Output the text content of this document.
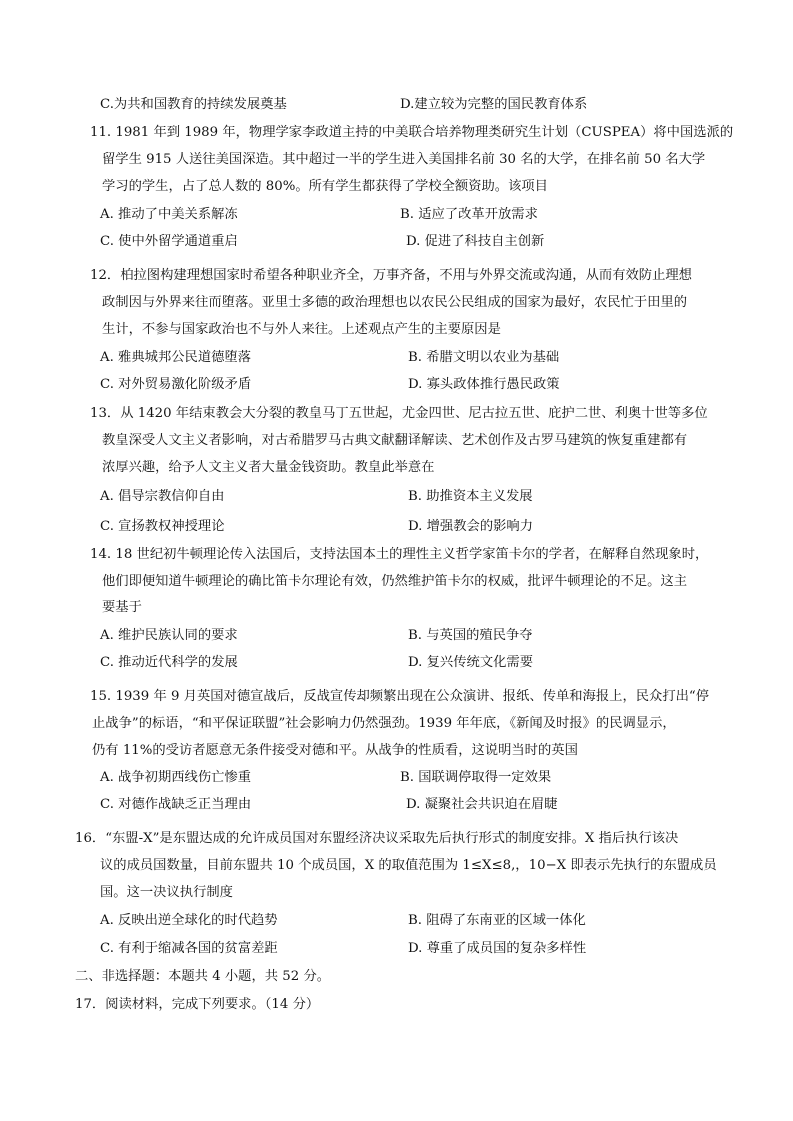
C.为共和国教育的持续发展奠基	D.建立较为完整的国民教育体系
11. 1981 年到 1989 年，物理学家李政道主持的中美联合培养物理类研究生计划（CUSPEA）将中国选派的
留学生 915 人送往美国深造。其中超过一半的学生进入美国排名前 30 名的大学，在排名前 50 名大学
学习的学生，占了总人数的 80%。所有学生都获得了学校全额资助。该项目
A. 推动了中美关系解冻	B. 适应了改革开放需求
C. 使中外留学通道重启	D. 促进了科技自主创新
12．柏拉图构建理想国家时希望各种职业齐全，万事齐备，不用与外界交流或沟通，从而有效防止理想
政制因与外界来往而堕落。亚里士多德的政治理想也以农民公民组成的国家为最好，农民忙于田里的
生计，不参与国家政治也不与外人来往。上述观点产生的主要原因是
A. 雅典城邦公民道德堕落	B. 希腊文明以农业为基础
C. 对外贸易激化阶级矛盾	D. 寡头政体推行愚民政策
13．从 1420 年结束教会大分裂的教皇马丁五世起，尤金四世、尼古拉五世、庇护二世、利奥十世等多位
教皇深受人文主义者影响，对古希腊罗马古典文献翻译解读、艺术创作及古罗马建筑的恢复重建都有
浓厚兴趣，给予人文主义者大量金钱资助。教皇此举意在
A. 倡导宗教信仰自由	B. 助推资本主义发展
C. 宣扬教权神授理论	D. 增强教会的影响力
14. 18 世纪初牛顿理论传入法国后，支持法国本土的理性主义哲学家笛卡尔的学者，在解释自然现象时，
他们即便知道牛顿理论的确比笛卡尔理论有效，仍然维护笛卡尔的权威，批评牛顿理论的不足。这主
要基于
A. 维护民族认同的要求	B. 与英国的殖民争夺
C. 推动近代科学的发展	D. 复兴传统文化需要
15. 1939 年 9 月英国对德宣战后，反战宣传却频繁出现在公众演讲、报纸、传单和海报上，民众打出“停
止战争”的标语，“和平保证联盟”社会影响力仍然强劲。1939 年年底，《新闻及时报》的民调显示，
仍有 11%的受访者愿意无条件接受对德和平。从战争的性质看，这说明当时的英国
A. 战争初期西线伤亡惨重	B. 国联调停取得一定效果
C. 对德作战缺乏正当理由	D. 凝聚社会共识迫在眉睫
16．“东盟-X”是东盟达成的允许成员国对东盟经济决议采取先后执行形式的制度安排。X 指后执行该决
议的成员国数量，目前东盟共 10 个成员国，X 的取值范围为 1≤X≤8,，10−X 即表示先执行的东盟成员
国。这一决议执行制度
A. 反映出逆全球化的时代趋势	B. 阻碍了东南亚的区域一体化
C. 有利于缩减各国的贫富差距	D. 尊重了成员国的复杂多样性
二、非选择题：本题共 4 小题，共 52 分。
17．阅读材料，完成下列要求。（14 分）
